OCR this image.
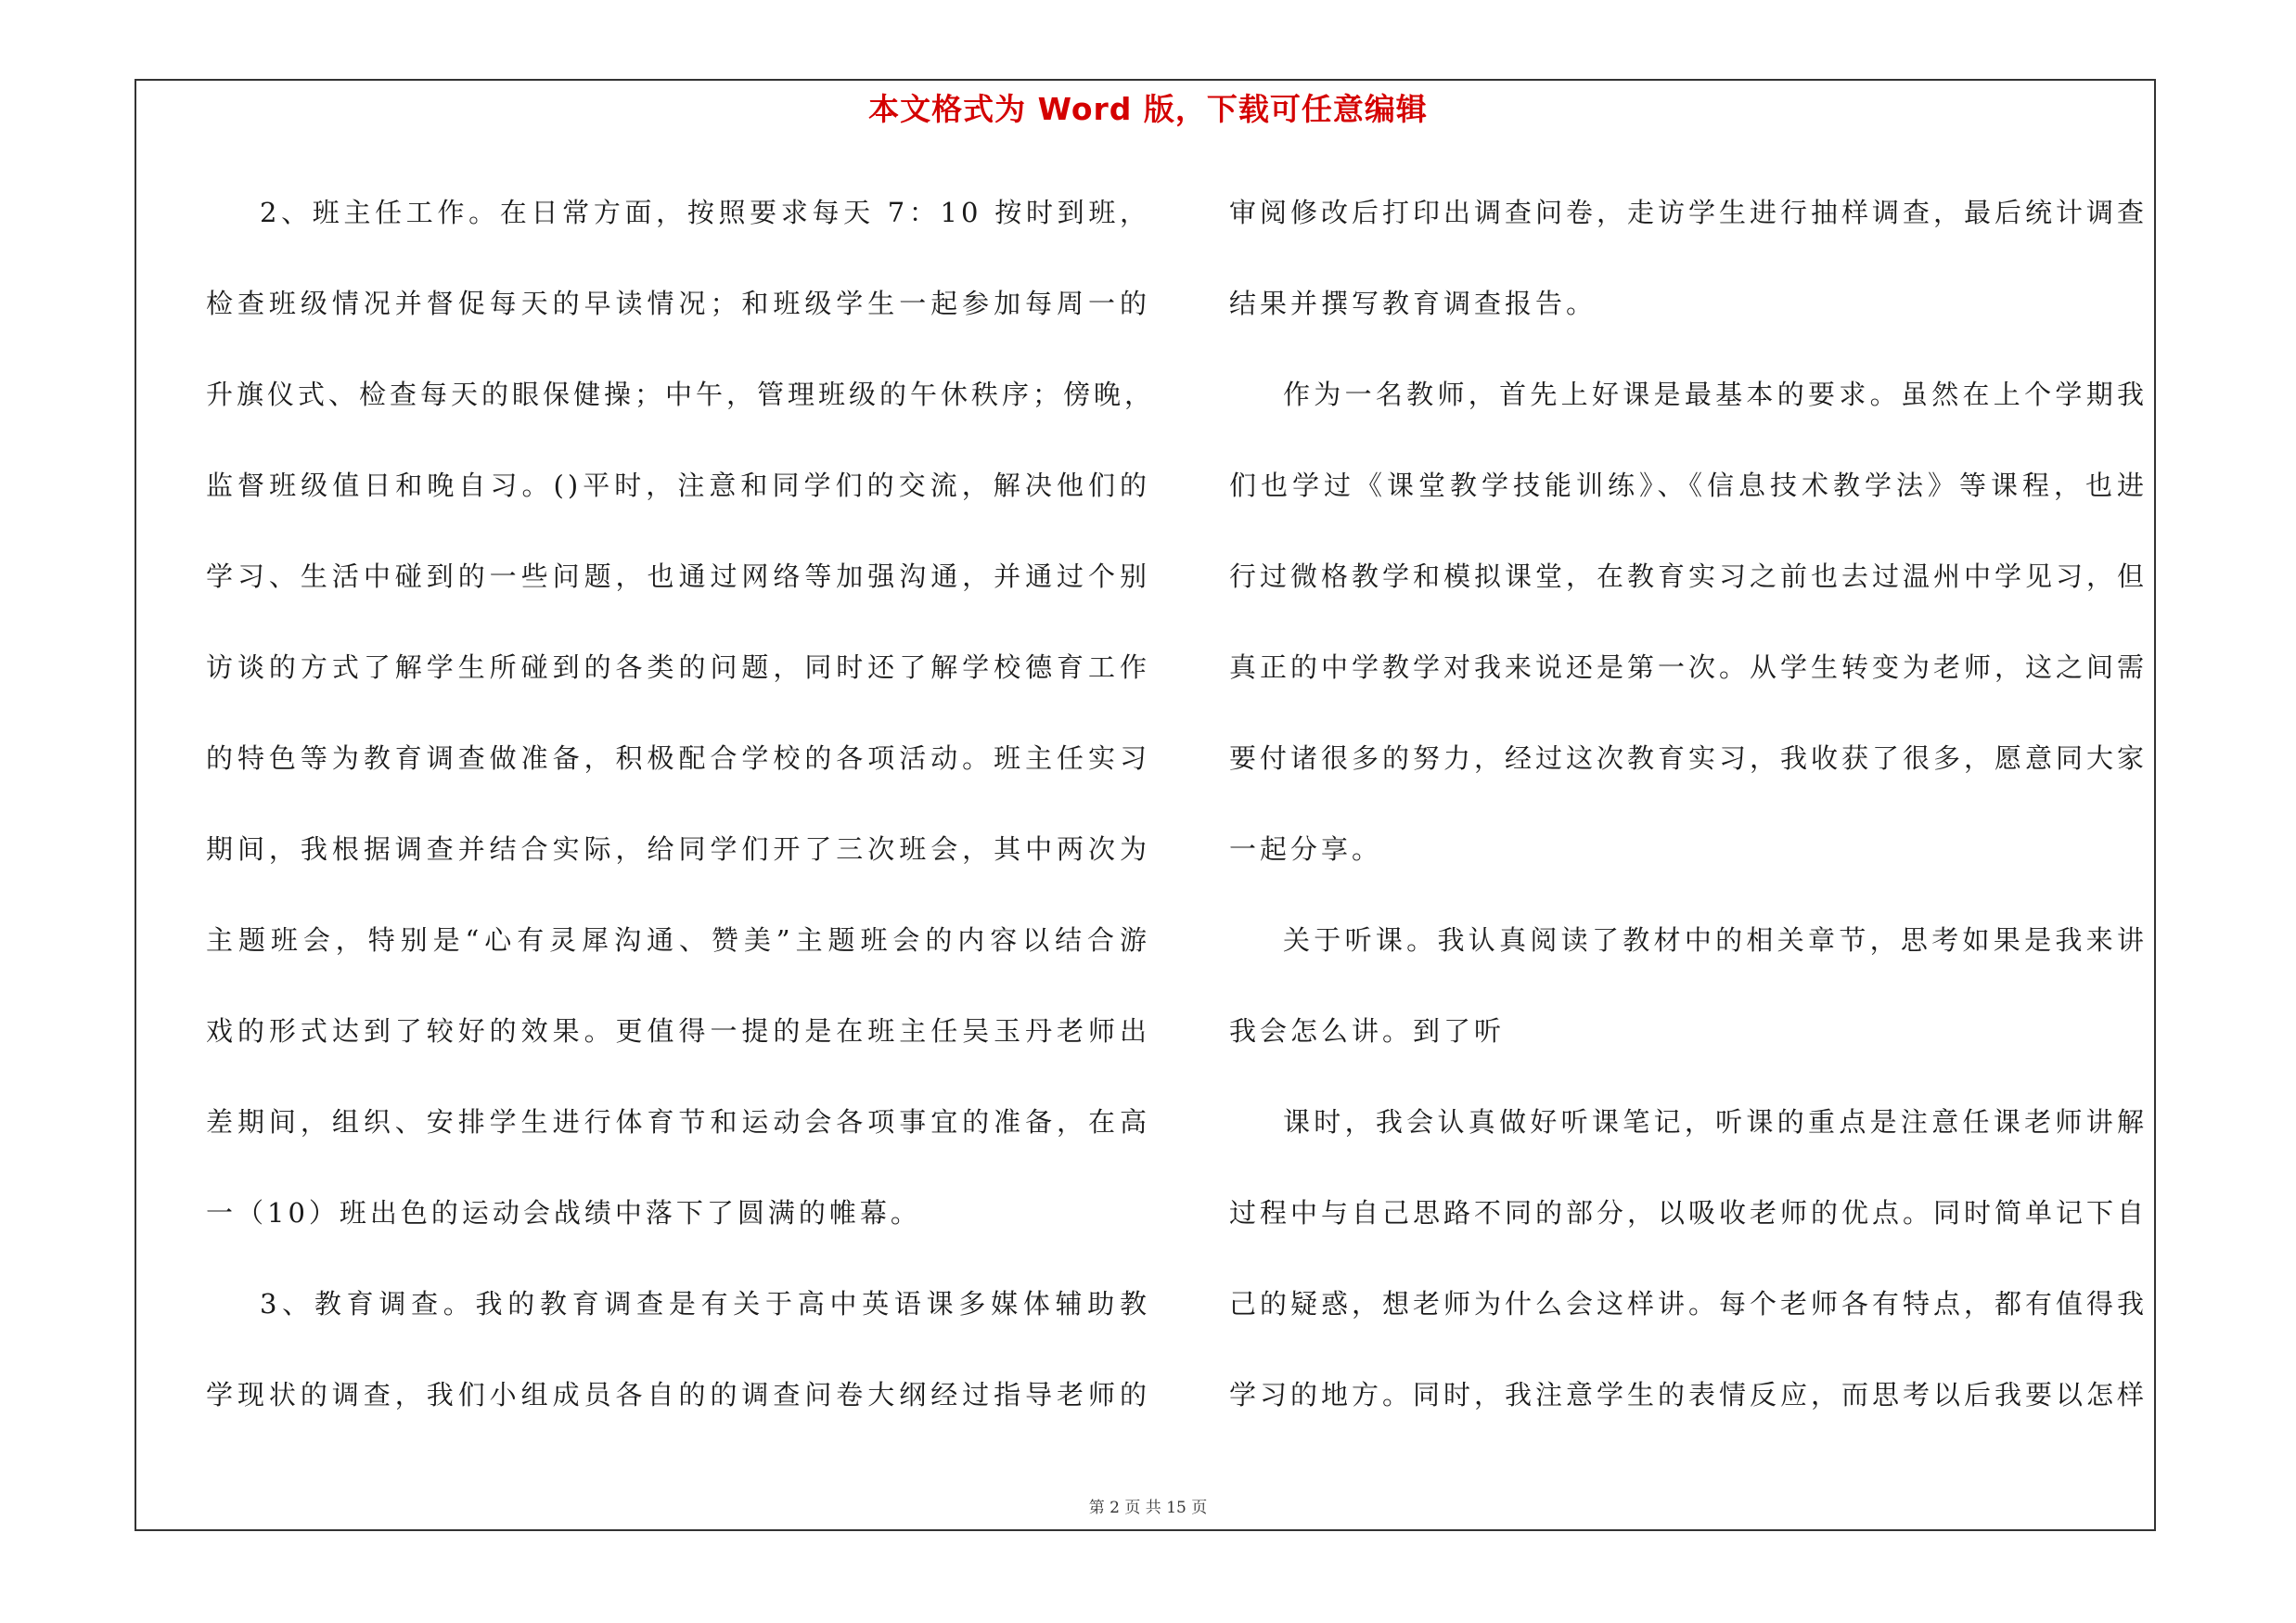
本文格式为 Word 版，下载可任意编辑
2、班主任工作。在日常方面，按照要求每天 7：10 按时到班，
检查班级情况并督促每天的早读情况；和班级学生一起参加每周一的
升旗仪式、检查每天的眼保健操；中午，管理班级的午休秩序；傍晚，
监督班级值日和晚自习。()平时，注意和同学们的交流，解决他们的
学习、生活中碰到的一些问题，也通过网络等加强沟通，并通过个别
访谈的方式了解学生所碰到的各类的问题，同时还了解学校德育工作
的特色等为教育调查做准备，积极配合学校的各项活动。班主任实习
期间，我根据调查并结合实际，给同学们开了三次班会，其中两次为
主题班会，特别是“心有灵犀沟通、赞美”主题班会的内容以结合游
戏的形式达到了较好的效果。更值得一提的是在班主任吴玉丹老师出
差期间，组织、安排学生进行体育节和运动会各项事宜的准备，在高
一（10）班出色的运动会战绩中落下了圆满的帷幕。
3、教育调查。我的教育调查是有关于高中英语课多媒体辅助教
学现状的调查，我们小组成员各自的的调查问卷大纲经过指导老师的
审阅修改后打印出调查问卷，走访学生进行抽样调查，最后统计调查
结果并撰写教育调查报告。
作为一名教师，首先上好课是最基本的要求。虽然在上个学期我
们也学过《课堂教学技能训练》、《信息技术教学法》等课程，也进
行过微格教学和模拟课堂，在教育实习之前也去过温州中学见习，但
真正的中学教学对我来说还是第一次。从学生转变为老师，这之间需
要付诸很多的努力，经过这次教育实习，我收获了很多，愿意同大家
一起分享。
关于听课。我认真阅读了教材中的相关章节，思考如果是我来讲
我会怎么讲。到了听
课时，我会认真做好听课笔记，听课的重点是注意任课老师讲解
过程中与自己思路不同的部分，以吸收老师的优点。同时简单记下自
己的疑惑，想老师为什么会这样讲。每个老师各有特点，都有值得我
学习的地方。同时，我注意学生的表情反应，而思考以后我要以怎样
第 2 页 共 15 页
